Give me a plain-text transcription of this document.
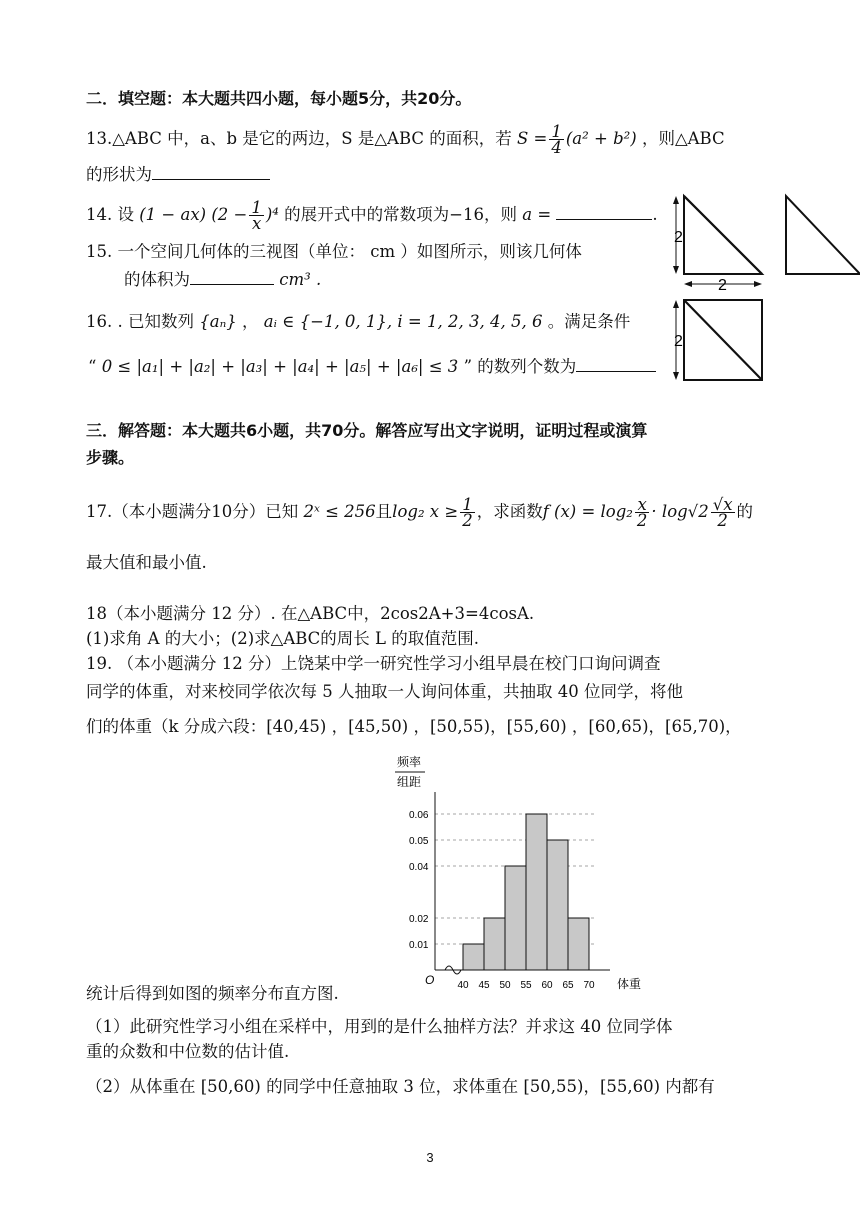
二．填空题：本大题共四小题，每小题5分，共20分。
13.△ABC 中，a、b 是它的两边，S 是△ABC 的面积，若 $S = \frac{1}{4} (a^2 + b^2)$ ，则△ABC
的形状为
14. 设 (1 − ax) $(2 - \frac{1}{x} )^4$ 的展开式中的常数项为−16，则 a =	.
15. 一个空间几何体的三视图（单位： cm ）如图所示，则该几何体
的体积为	cm³ .
16. . 已知数列 {aₙ} ， aᵢ ∈ {−1, 0, 1}, i = 1, 2, 3, 4, 5, 6 。满足条件
“ 0 ≤ |a₁| + |a₂| + |a₃| + |a₄| + |a₅| + |a₆| ≤ 3 ” 的数列个数为
2
2
2
三．解答题：本大题共6小题，共70分。解答应写出文字说明，证明过程或演算
步骤。
17.（本小题满分10分）已知 2ˣ ≤ 256且log₂ $x \ge \frac{1}{2}$ ，求函数f $(x) = \log_2 \frac{x}{2} \cdot \log√2 \frac{√x}{2}$ 的
最大值和最小值.
18（本小题满分 12 分）. 在△ABC中，2cos2A+3=4cosA.
(1)求角 A 的大小；(2)求△ABC的周长 L 的取值范围.
19. （本小题满分 12 分）上饶某中学一研究性学习小组早晨在校门口询问调查
同学的体重，对来校同学依次每 5 人抽取一人询问体重，共抽取 40 位同学，将他
们的体重（k 分成六段：[40,45) ，[45,50) ，[50,55)，[55,60) ，[60,65)，[65,70)，
频率
组距
0.01
0.02
0.04
0.05
0.06
40 45 50 55 60 65 70
O	体重
统计后得到如图的频率分布直方图.
（1）此研究性学习小组在采样中，用到的是什么抽样方法？并求这 40 位同学体
重的众数和中位数的估计值.
（2）从体重在 [50,60) 的同学中任意抽取 3 位，求体重在 [50,55)，[55,60) 内都有
3
